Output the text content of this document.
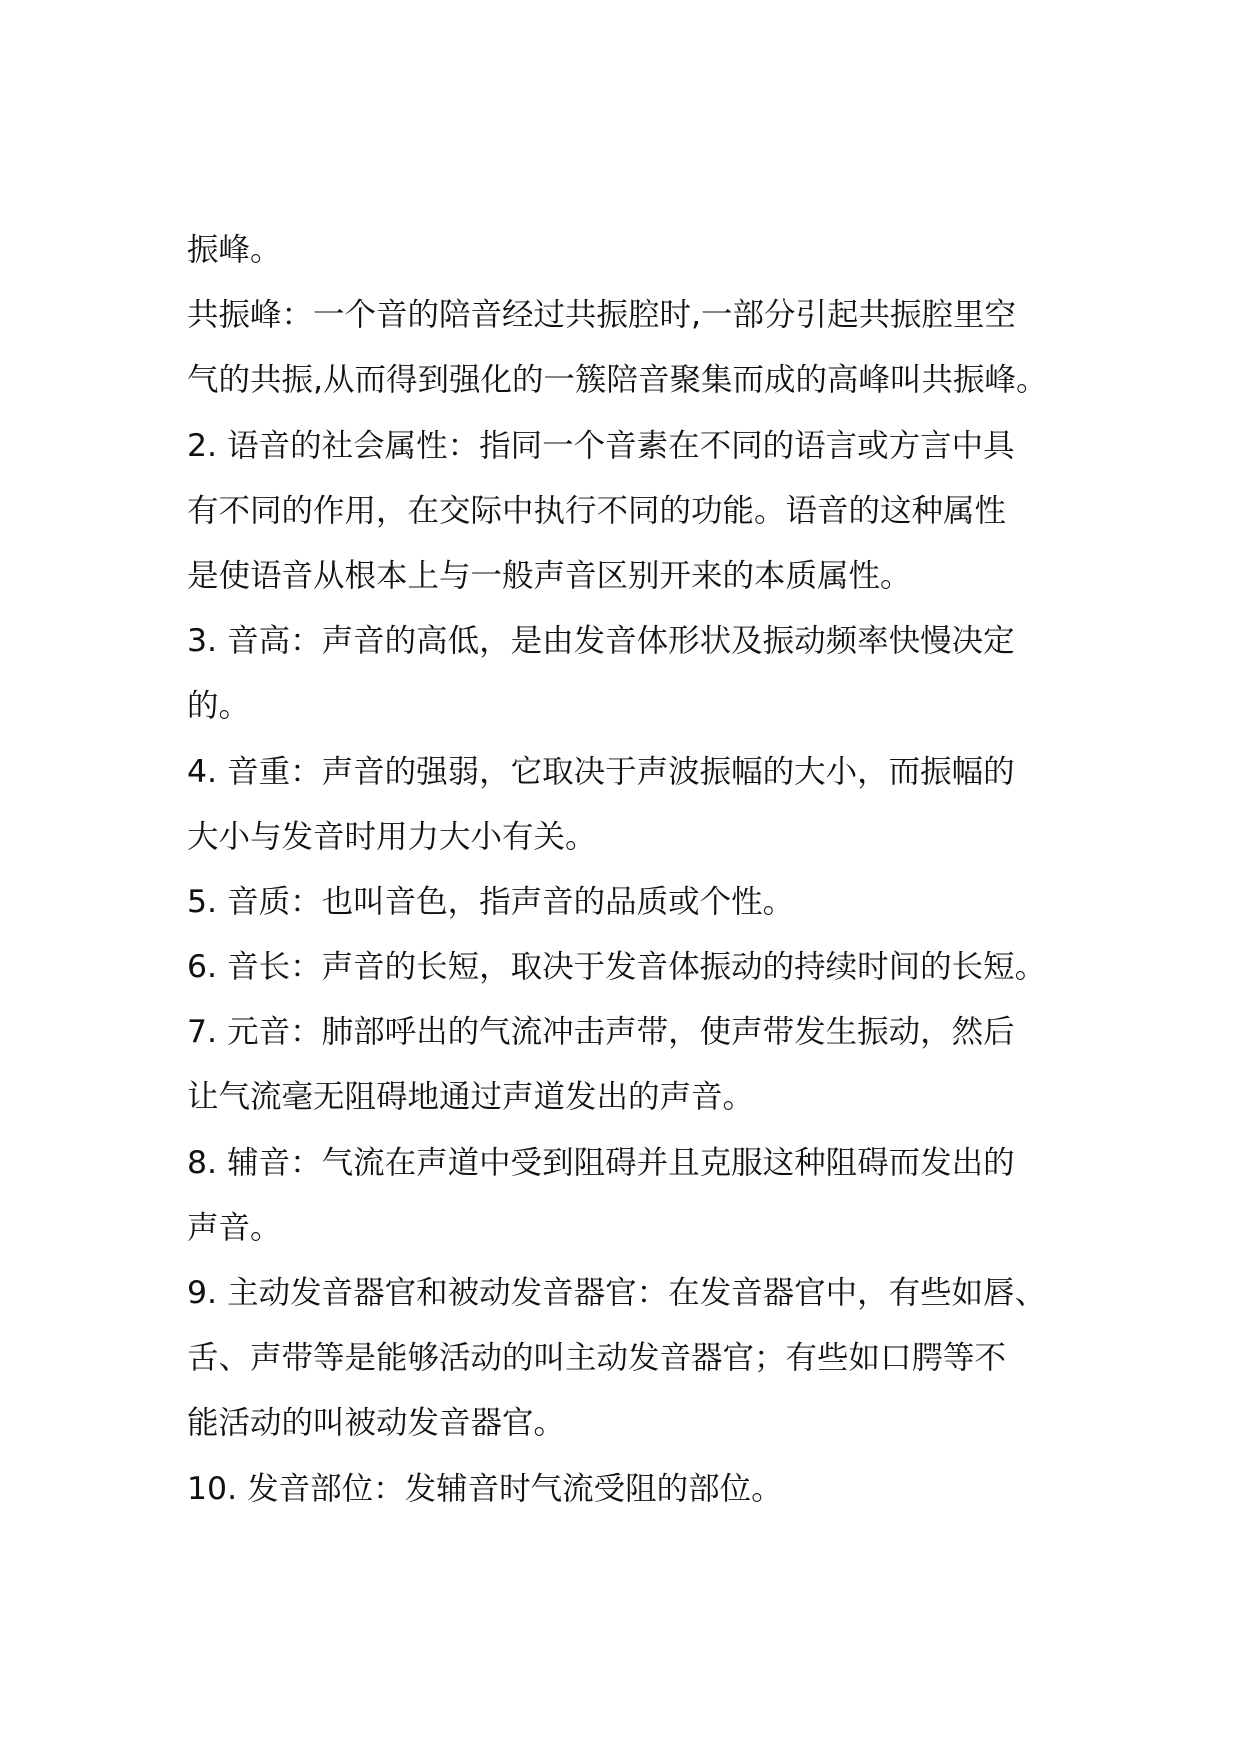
振峰。
共振峰：一个音的陪音经过共振腔时,一部分引起共振腔里空
气的共振,从而得到强化的一簇陪音聚集而成的高峰叫共振峰。
2. 语音的社会属性：指同一个音素在不同的语言或方言中具
有不同的作用，在交际中执行不同的功能。语音的这种属性
是使语音从根本上与一般声音区别开来的本质属性。
3. 音高：声音的高低，是由发音体形状及振动频率快慢决定
的。
4. 音重：声音的强弱，它取决于声波振幅的大小，而振幅的
大小与发音时用力大小有关。
5. 音质：也叫音色，指声音的品质或个性。
6. 音长：声音的长短，取决于发音体振动的持续时间的长短。
7. 元音：肺部呼出的气流冲击声带，使声带发生振动，然后
让气流毫无阻碍地通过声道发出的声音。
8. 辅音：气流在声道中受到阻碍并且克服这种阻碍而发出的
声音。
9. 主动发音器官和被动发音器官：在发音器官中，有些如唇、
舌、声带等是能够活动的叫主动发音器官；有些如口腭等不
能活动的叫被动发音器官。
10. 发音部位：发辅音时气流受阻的部位。
